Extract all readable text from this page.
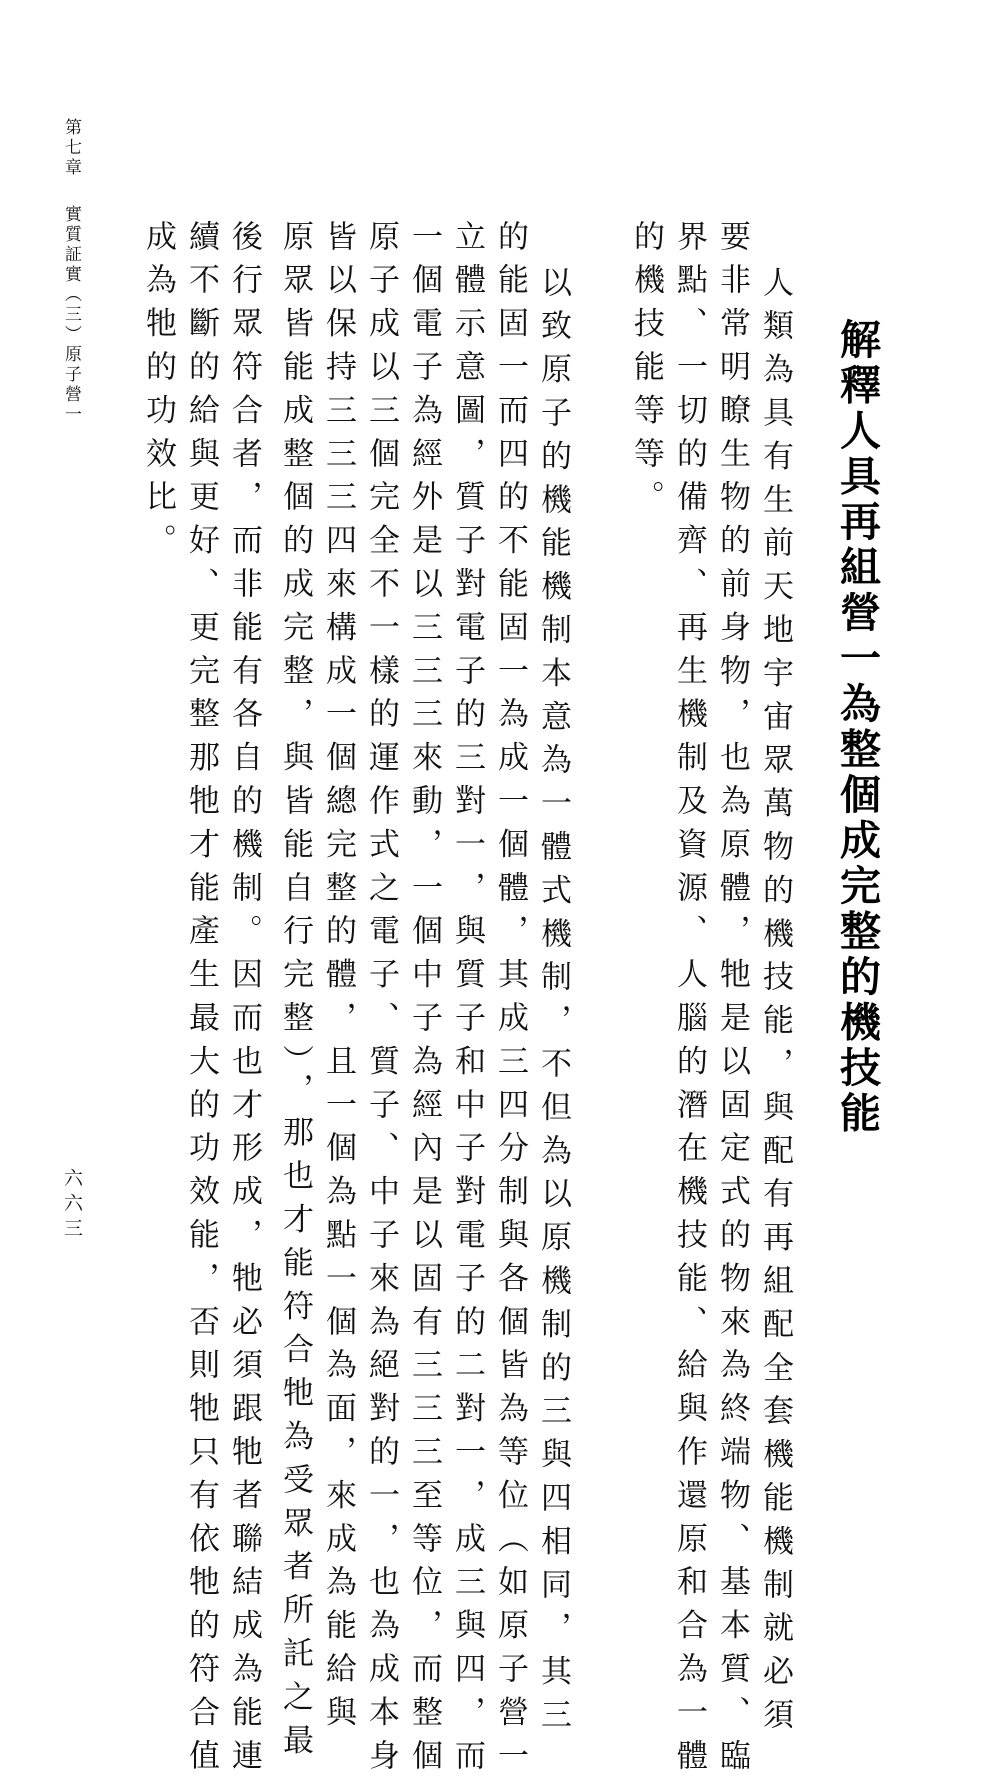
解釋人具再組營一為整個成完整的機技能
人類為具有生前天地宇宙眾萬物的機技能，與配有再組配全套機能機制就必須
要非常明瞭生物的前身物，也為原體，牠是以固定式的物來為終端物、基本質、臨
界點、一切的備齊、再生機制及資源、人腦的潛在機技能、給與作還原和合為一體
的機技能等等。
以致原子的機能機制本意為一體式機制，不但為以原機制的三與四相同，其三
的能固一而四的不能固一為成一個體，其成三四分制與各個皆為等位（如原子營一
立體示意圖，質子對電子的三對一，與質子和中子對電子的二對一，成三與四，而
一個電子為經外是以三三三來動，一個中子為經內是以固有三三三至等位，而整個
原子成以三個完全不一樣的運作式之電子、質子、中子來為絕對的一，也為成本身
皆以保持三三三四來構成一個總完整的體，且一個為點一個為面，來成為能給與
原眾皆能成整個的成完整，與皆能自行完整），那也才能符合牠為受眾者所託之最
後行眾符合者，而非能有各自的機制。因而也才形成，牠必須跟牠者聯結成為能連
續不斷的給與更好、更完整那牠才能產生最大的功效能，否則牠只有依牠的符合值
成為牠的功效比。
第七章
實質証實（三）原子營一
六六三
